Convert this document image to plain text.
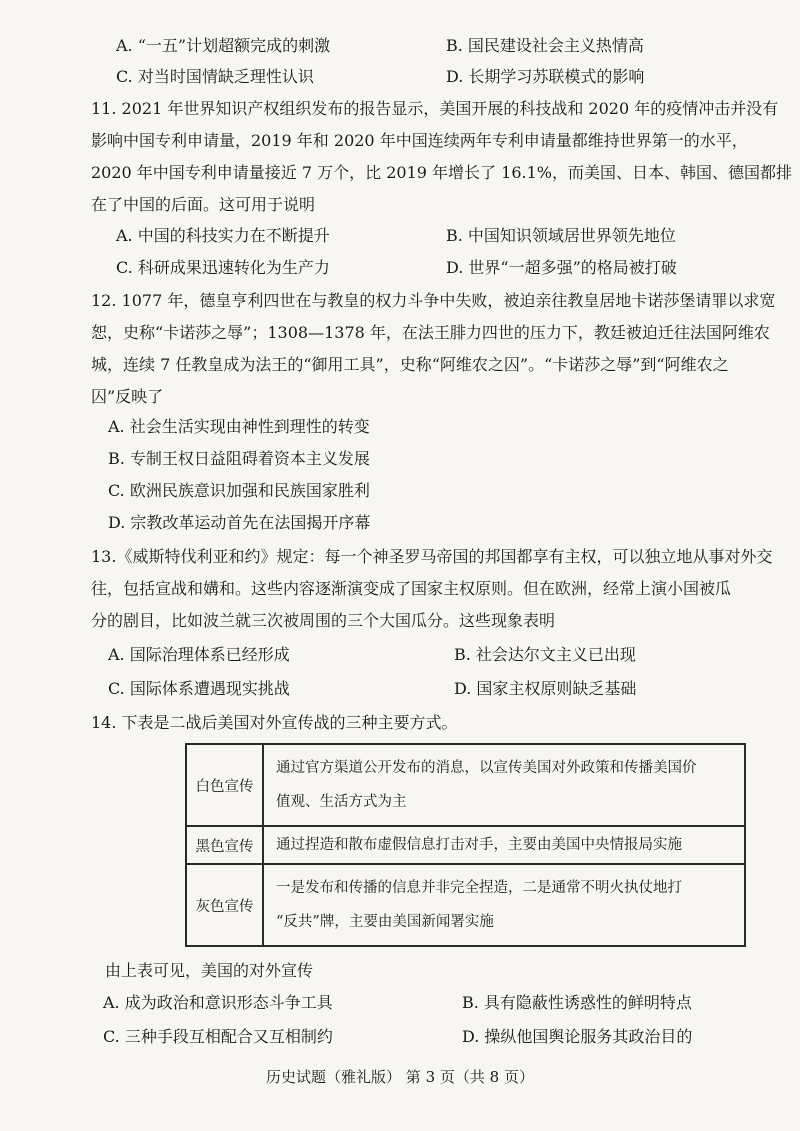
A. “一五”计划超额完成的刺激	B. 国民建设社会主义热情高
C. 对当时国情缺乏理性认识	D. 长期学习苏联模式的影响
11. 2021 年世界知识产权组织发布的报告显示，美国开展的科技战和 2020 年的疫情冲击并没有
影响中国专利申请量，2019 年和 2020 年中国连续两年专利申请量都维持世界第一的水平，
2020 年中国专利申请量接近 7 万个，比 2019 年增长了 16.1%，而美国、日本、韩国、德国都排
在了中国的后面。这可用于说明
A. 中国的科技实力在不断提升	B. 中国知识领域居世界领先地位
C. 科研成果迅速转化为生产力	D. 世界“一超多强”的格局被打破
12. 1077 年，德皇亨利四世在与教皇的权力斗争中失败，被迫亲往教皇居地卡诺莎堡请罪以求宽
恕，史称“卡诺莎之辱”；1308—1378 年，在法王腓力四世的压力下，教廷被迫迁往法国阿维农
城，连续 7 任教皇成为法王的“御用工具”，史称“阿维农之囚”。“卡诺莎之辱”到“阿维农之
囚”反映了
A. 社会生活实现由神性到理性的转变
B. 专制王权日益阻碍着资本主义发展
C. 欧洲民族意识加强和民族国家胜利
D. 宗教改革运动首先在法国揭开序幕
13.《威斯特伐利亚和约》规定：每一个神圣罗马帝国的邦国都享有主权，可以独立地从事对外交
往，包括宣战和媾和。这些内容逐渐演变成了国家主权原则。但在欧洲，经常上演小国被瓜
分的剧目，比如波兰就三次被周围的三个大国瓜分。这些现象表明
A. 国际治理体系已经形成	B. 社会达尔文主义已出现
C. 国际体系遭遇现实挑战	D. 国家主权原则缺乏基础
14. 下表是二战后美国对外宣传战的三种主要方式。
白色宣传	通过官方渠道公开发布的消息，以宣传美国对外政策和传播美国价
值观、生活方式为主

黑色宣传	通过捏造和散布虚假信息打击对手，主要由美国中央情报局实施

灰色宣传	一是发布和传播的信息并非完全捏造，二是通常不明火执仗地打
“反共”牌，主要由美国新闻署实施
由上表可见，美国的对外宣传
A. 成为政治和意识形态斗争工具	B. 具有隐蔽性诱惑性的鲜明特点
C. 三种手段互相配合又互相制约	D. 操纵他国舆论服务其政治目的
历史试题（雅礼版） 第 3 页（共 8 页）
